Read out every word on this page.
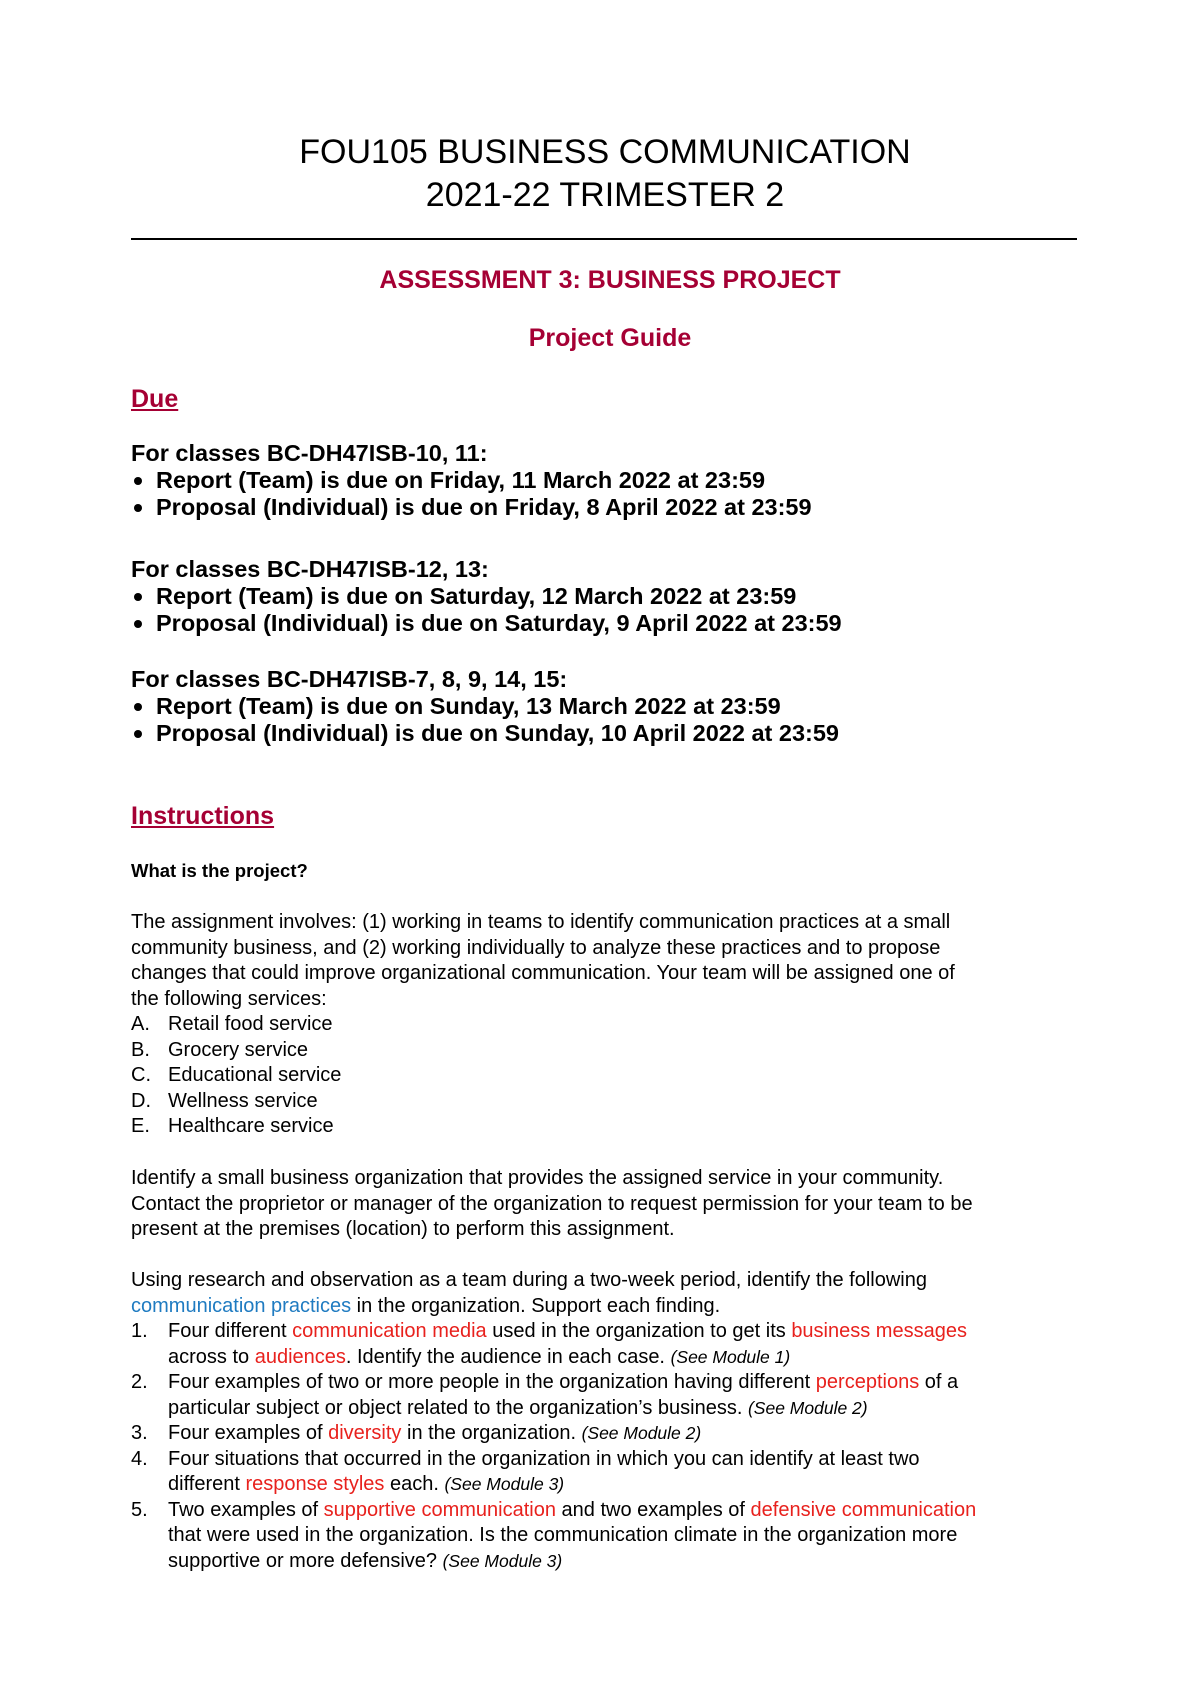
FOU105 BUSINESS COMMUNICATION
2021-22 TRIMESTER 2
ASSESSMENT 3: BUSINESS PROJECT
Project Guide
Due
For classes BC-DH47ISB-10, 11:
Report (Team) is due on Friday, 11 March 2022 at 23:59
Proposal (Individual) is due on Friday, 8 April 2022 at 23:59
For classes BC-DH47ISB-12, 13:
Report (Team) is due on Saturday, 12 March 2022 at 23:59
Proposal (Individual) is due on Saturday, 9 April 2022 at 23:59
For classes BC-DH47ISB-7, 8, 9, 14, 15:
Report (Team) is due on Sunday, 13 March 2022 at 23:59
Proposal (Individual) is due on Sunday, 10 April 2022 at 23:59
Instructions
What is the project?
The assignment involves: (1) working in teams to identify communication practices at a small
community business, and (2) working individually to analyze these practices and to propose
changes that could improve organizational communication. Your team will be assigned one of
the following services:
A. Retail food service
B. Grocery service
C. Educational service
D. Wellness service
E. Healthcare service
Identify a small business organization that provides the assigned service in your community.
Contact the proprietor or manager of the organization to request permission for your team to be
present at the premises (location) to perform this assignment.
Using research and observation as a team during a two-week period, identify the following
communication practices in the organization. Support each finding.
1.	Four different communication media used in the organization to get its business messages
across to audiences. Identify the audience in each case. (See Module 1)
2.	Four examples of two or more people in the organization having different perceptions of a
particular subject or object related to the organization’s business. (See Module 2)
3.	Four examples of diversity in the organization. (See Module 2)
4.	Four situations that occurred in the organization in which you can identify at least two
different response styles each. (See Module 3)
5.	Two examples of supportive communication and two examples of defensive communication
that were used in the organization. Is the communication climate in the organization more
supportive or more defensive? (See Module 3)
